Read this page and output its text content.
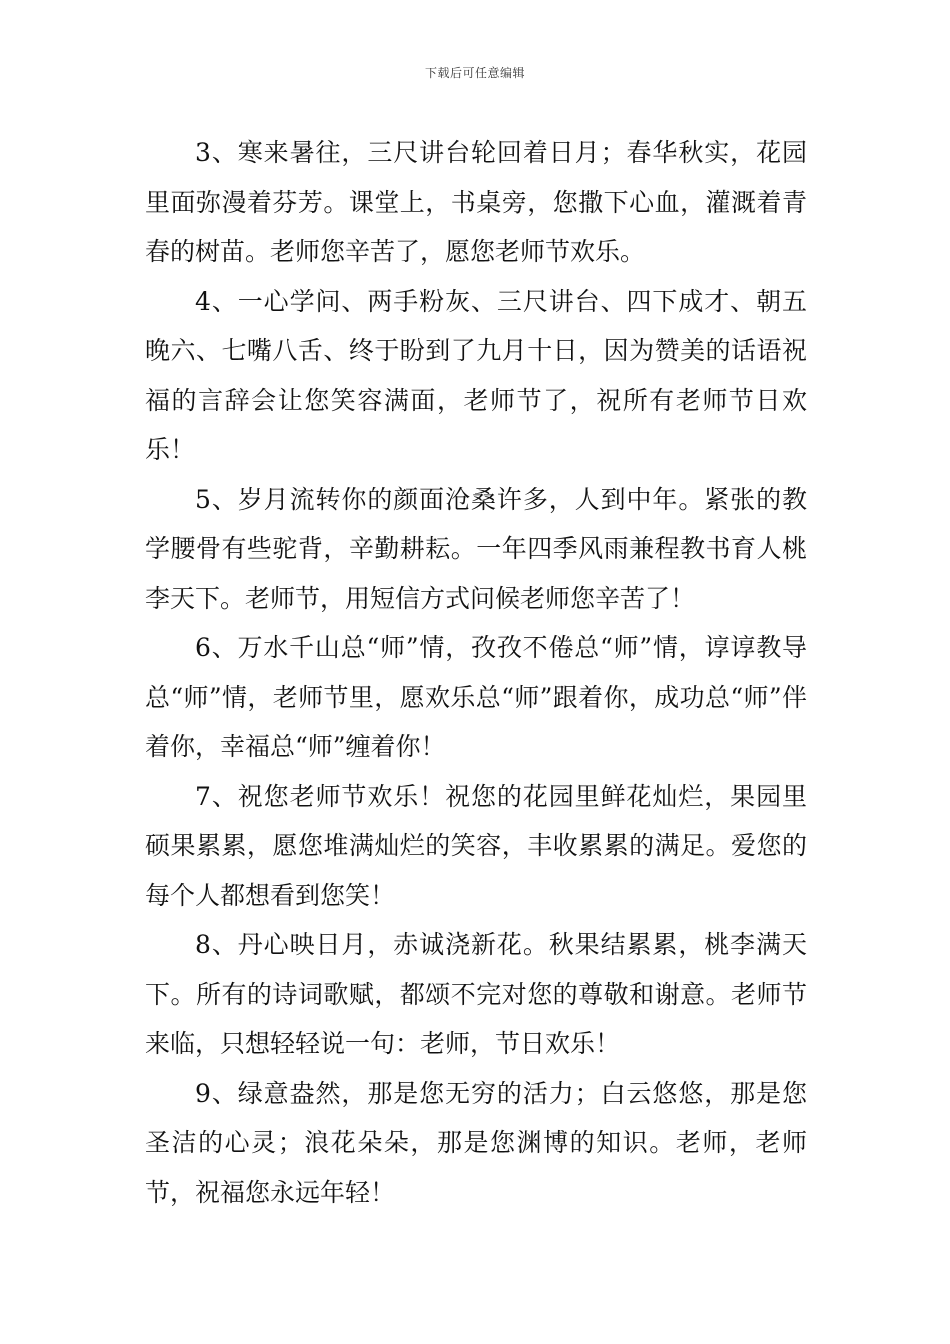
下载后可任意编辑

3、寒来暑往，三尺讲台轮回着日月；春华秋实，花园里面弥漫着芬芳。课堂上，书桌旁，您撒下心血，灌溉着青春的树苗。老师您辛苦了，愿您老师节欢乐。

4、一心学问、两手粉灰、三尺讲台、四下成才、朝五晚六、七嘴八舌、终于盼到了九月十日，因为赞美的话语祝福的言辞会让您笑容满面，老师节了，祝所有老师节日欢乐！

5、岁月流转你的颜面沧桑许多，人到中年。紧张的教学腰骨有些驼背，辛勤耕耘。一年四季风雨兼程教书育人桃李天下。老师节，用短信方式问候老师您辛苦了！

6、万水千山总“师”情，孜孜不倦总“师”情，谆谆教导总“师”情，老师节里，愿欢乐总“师”跟着你，成功总“师”伴着你，幸福总“师”缠着你！

7、祝您老师节欢乐！祝您的花园里鲜花灿烂，果园里硕果累累，愿您堆满灿烂的笑容，丰收累累的满足。爱您的每个人都想看到您笑！

8、丹心映日月，赤诚浇新花。秋果结累累，桃李满天下。所有的诗词歌赋，都颂不完对您的尊敬和谢意。老师节来临，只想轻轻说一句：老师，节日欢乐！

9、绿意盎然，那是您无穷的活力；白云悠悠，那是您圣洁的心灵；浪花朵朵，那是您渊博的知识。老师，老师节，祝福您永远年轻！
